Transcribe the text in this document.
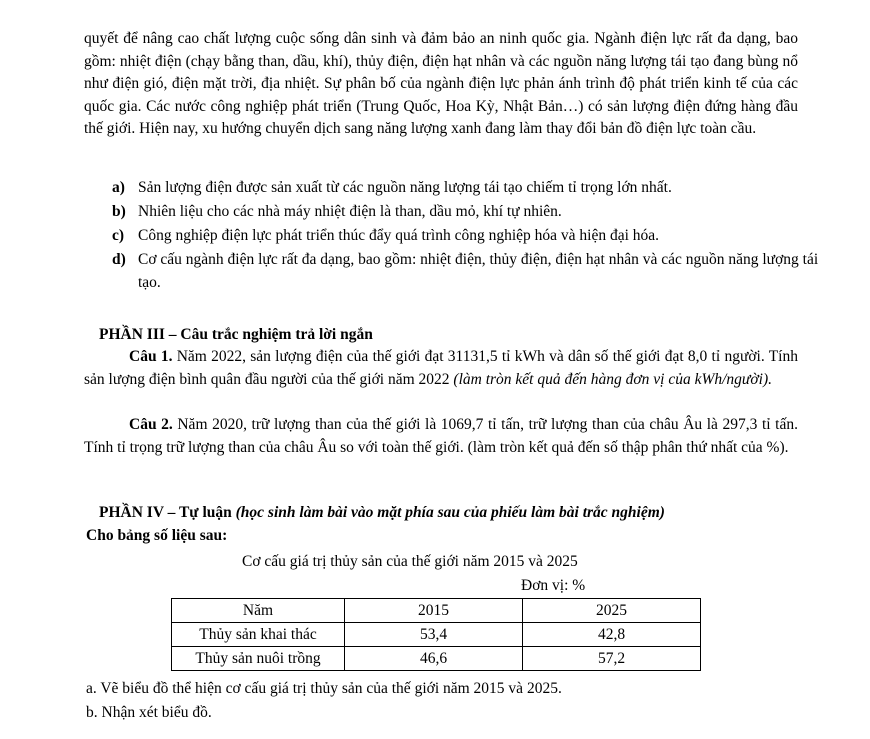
quyết để nâng cao chất lượng cuộc sống dân sinh và đảm bảo an ninh quốc gia. Ngành điện lực rất đa dạng, bao gồm: nhiệt điện (chạy bằng than, dầu, khí), thủy điện, điện hạt nhân và các nguồn năng lượng tái tạo đang bùng nổ như điện gió, điện mặt trời, địa nhiệt. Sự phân bố của ngành điện lực phản ánh trình độ phát triển kinh tế của các quốc gia. Các nước công nghiệp phát triển (Trung Quốc, Hoa Kỳ, Nhật Bản…) có sản lượng điện đứng hàng đầu thế giới. Hiện nay, xu hướng chuyển dịch sang năng lượng xanh đang làm thay đổi bản đồ điện lực toàn cầu.

a) Sản lượng điện được sản xuất từ các nguồn năng lượng tái tạo chiếm tỉ trọng lớn nhất.

b) Nhiên liệu cho các nhà máy nhiệt điện là than, dầu mỏ, khí tự nhiên.

c) Công nghiệp điện lực phát triển thúc đẩy quá trình công nghiệp hóa và hiện đại hóa.

d) Cơ cấu ngành điện lực rất đa dạng, bao gồm: nhiệt điện, thủy điện, điện hạt nhân và các nguồn năng lượng tái tạo.

PHẦN III – Câu trắc nghiệm trả lời ngắn

Câu 1. Năm 2022, sản lượng điện của thế giới đạt 31131,5 tỉ kWh và dân số thế giới đạt 8,0 tỉ người. Tính sản lượng điện bình quân đầu người của thế giới năm 2022 (làm tròn kết quả đến hàng đơn vị của kWh/người).

Câu 2. Năm 2020, trữ lượng than của thế giới là 1069,7 tỉ tấn, trữ lượng than của châu Âu là 297,3 tỉ tấn. Tính tỉ trọng trữ lượng than của châu Âu so với toàn thế giới. (làm tròn kết quả đến số thập phân thứ nhất của %).

PHẦN IV – Tự luận (học sinh làm bài vào mặt phía sau của phiếu làm bài trắc nghiệm)

Cho bảng số liệu sau:

Cơ cấu giá trị thủy sản của thế giới năm 2015 và 2025

Đơn vị: %

Năm	2015	2025
Thủy sản khai thác	53,4	42,8
Thủy sản nuôi trồng	46,6	57,2

a. Vẽ biểu đồ thể hiện cơ cấu giá trị thủy sản của thế giới năm 2015 và 2025.

b. Nhận xét biểu đồ.
